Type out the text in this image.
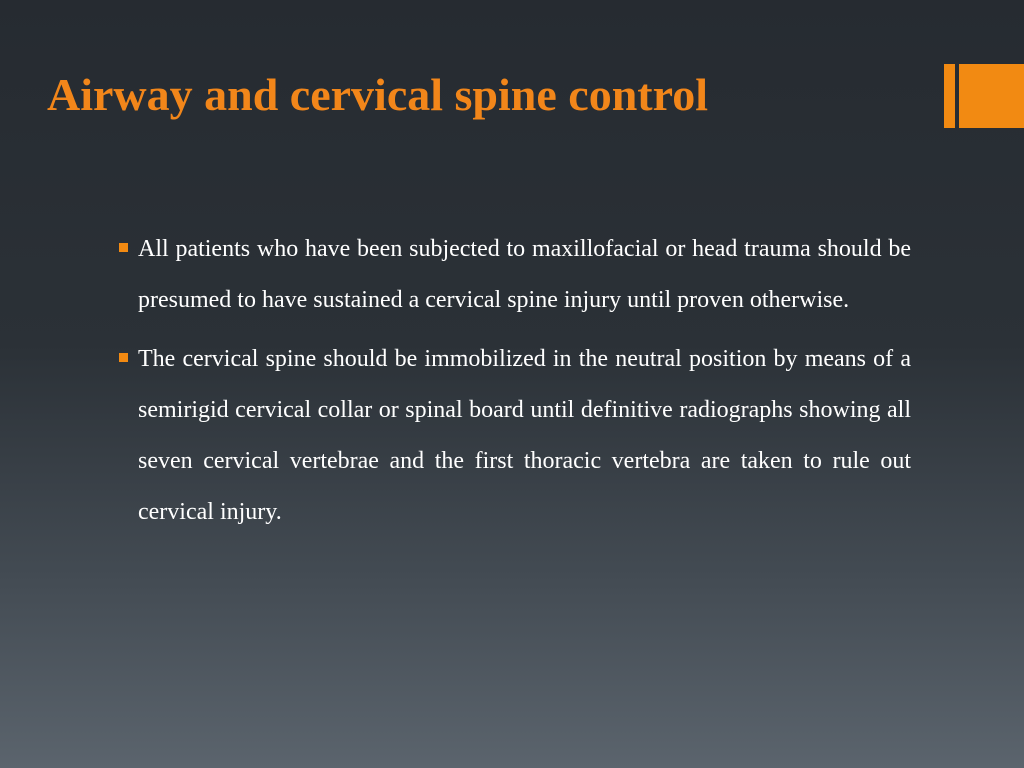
Airway and cervical spine control
All patients who have been subjected to maxillofacial or head trauma should be presumed to have sustained a cervical spine injury until proven otherwise.
The cervical spine should be immobilized in the neutral position by means of a semirigid cervical collar or spinal board until definitive radiographs showing all seven cervical vertebrae and the first thoracic vertebra are taken to rule out cervical injury.
